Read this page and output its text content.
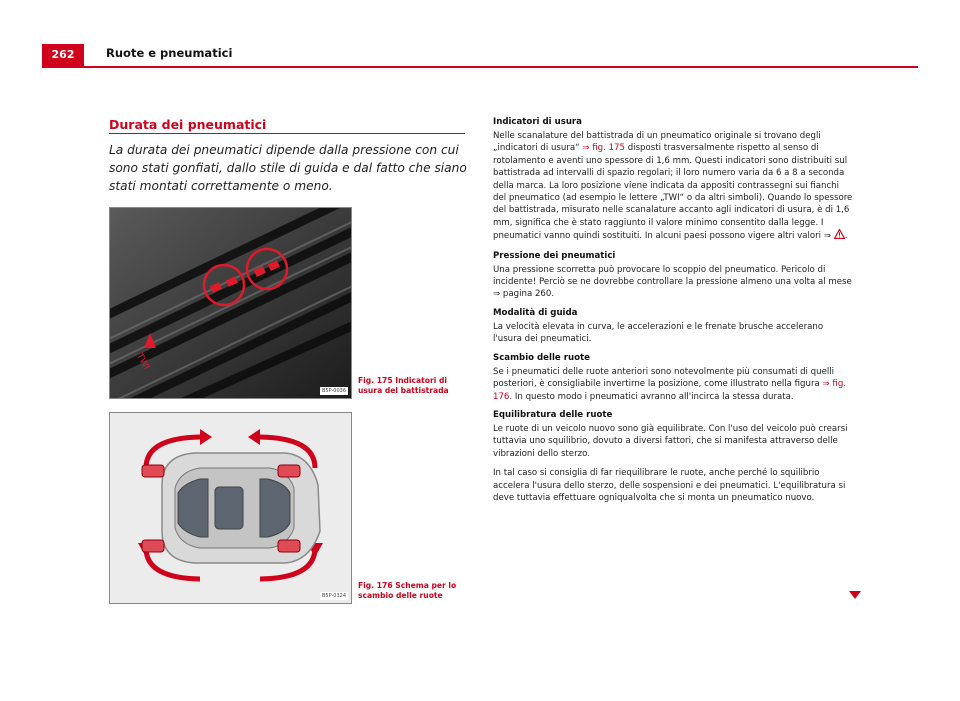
262	Ruote e pneumatici
Durata dei pneumatici
La durata dei pneumatici dipende dalla pressione con cui sono stati gonfiati, dallo stile di guida e dal fatto che siano stati montati correttamente o meno.
TWI
B5P-0036
Fig. 175 Indicatori di usura del battistrada
B5P-0324
Fig. 176 Schema per lo scambio delle ruote
Indicatori di usura

Nelle scanalature del battistrada di un pneumatico originale si trovano degli „indicatori di usura“ ⇒ fig. 175 disposti trasversalmente rispetto al senso di rotolamento e aventi uno spessore di 1,6 mm. Questi indicatori sono distribuiti sul battistrada ad intervalli di spazio regolari; il loro numero varia da 6 a 8 a seconda della marca. La loro posizione viene indicata da appositi contrassegni sui fianchi del pneumatico (ad esempio le lettere „TWI“ o da altri simboli). Quando lo spessore del battistrada, misurato nelle scanalature accanto agli indicatori di usura, è di 1,6 mm, significa che è stato raggiunto il valore minimo consentito dalla legge. I pneumatici vanno quindi sostituiti. In alcuni paesi possono vigere altri valori ⇒ .

Pressione dei pneumatici

Una pressione scorretta può provocare lo scoppio del pneumatico. Pericolo di incidente! Perciò se ne dovrebbe controllare la pressione almeno una volta al mese ⇒ pagina 260.

Modalità di guida

La velocità elevata in curva, le accelerazioni e le frenate brusche accelerano l'usura dei pneumatici.

Scambio delle ruote

Se i pneumatici delle ruote anteriori sono notevolmente più consumati di quelli posteriori, è consigliabile invertirne la posizione, come illustrato nella figura ⇒ fig. 176. In questo modo i pneumatici avranno all'incirca la stessa durata.

Equilibratura delle ruote

Le ruote di un veicolo nuovo sono già equilibrate. Con l'uso del veicolo può crearsi tuttavia uno squilibrio, dovuto a diversi fattori, che si manifesta attraverso delle vibrazioni dello sterzo.

In tal caso si consiglia di far riequilibrare le ruote, anche perché lo squilibrio accelera l'usura dello sterzo, delle sospensioni e dei pneumatici. L'equilibratura si deve tuttavia effettuare ogniqualvolta che si monta un pneumatico nuovo.
